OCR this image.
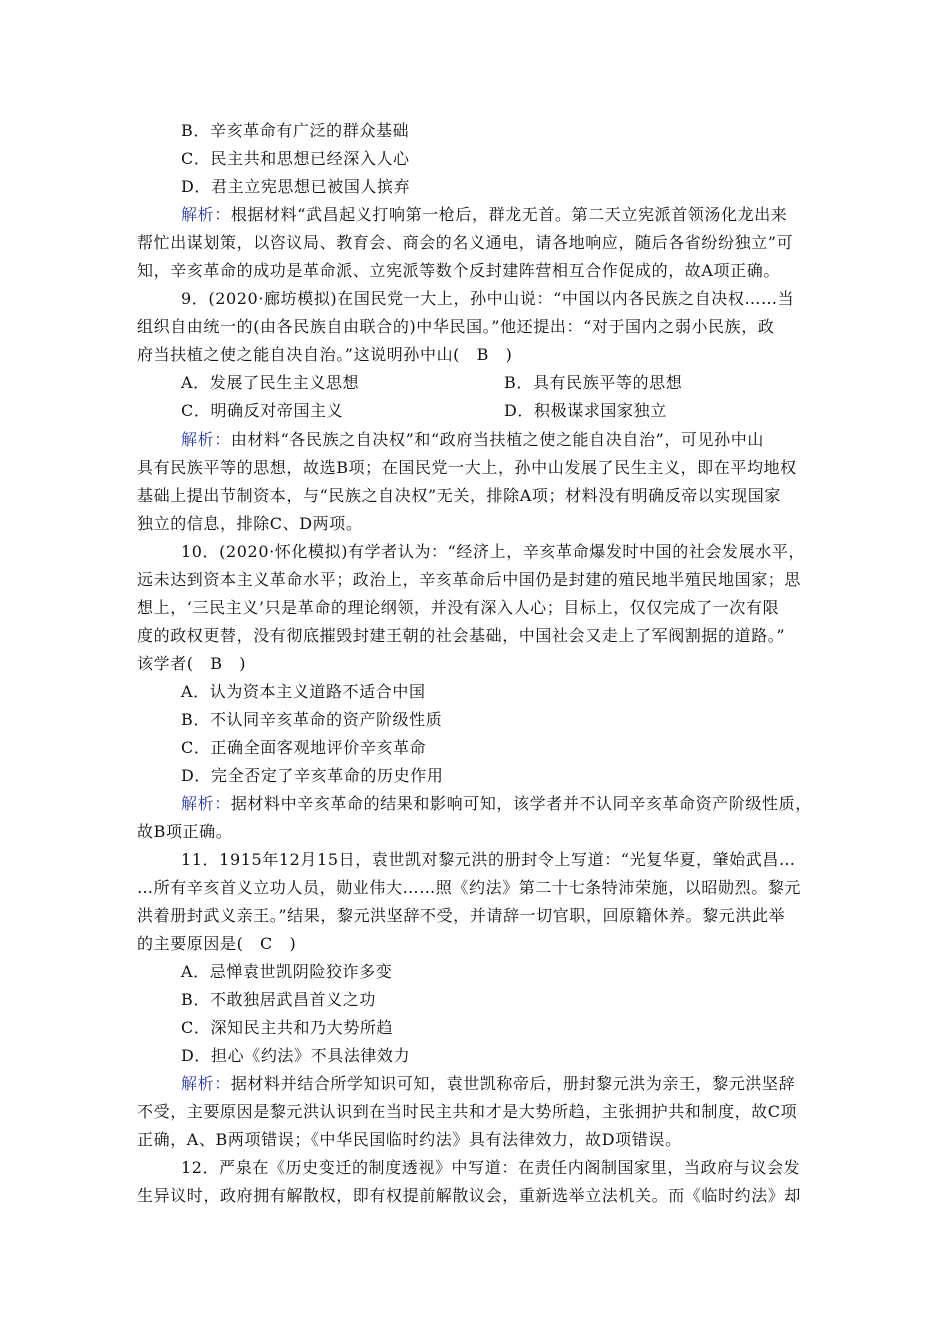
B．辛亥革命有广泛的群众基础
C．民主共和思想已经深入人心
D．君主立宪思想已被国人摈弃
解析：根据材料“武昌起义打响第一枪后，群龙无首。第二天立宪派首领汤化龙出来
帮忙出谋划策，以咨议局、教育会、商会的名义通电，请各地响应，随后各省纷纷独立”可
知，辛亥革命的成功是革命派、立宪派等数个反封建阵营相互合作促成的，故A项正确。
9．(2020·廊坊模拟)在国民党一大上，孙中山说：“中国以内各民族之自决权……当
组织自由统一的(由各民族自由联合的)中华民国。”他还提出：“对于国内之弱小民族，政
府当扶植之使之能自决自治。”这说明孙中山(　B　)
A．发展了民生主义思想	B．具有民族平等的思想
C．明确反对帝国主义	D．积极谋求国家独立
解析：由材料“各民族之自决权”和“政府当扶植之使之能自决自治”，可见孙中山
具有民族平等的思想，故选B项；在国民党一大上，孙中山发展了民生主义，即在平均地权
基础上提出节制资本，与“民族之自决权”无关，排除A项；材料没有明确反帝以实现国家
独立的信息，排除C、D两项。
10．(2020·怀化模拟)有学者认为：“经济上，辛亥革命爆发时中国的社会发展水平，
远未达到资本主义革命水平；政治上，辛亥革命后中国仍是封建的殖民地半殖民地国家；思
想上，‘三民主义’只是革命的理论纲领，并没有深入人心；目标上，仅仅完成了一次有限
度的政权更替，没有彻底摧毁封建王朝的社会基础，中国社会又走上了军阀割据的道路。”
该学者(　B　)
A．认为资本主义道路不适合中国
B．不认同辛亥革命的资产阶级性质
C．正确全面客观地评价辛亥革命
D．完全否定了辛亥革命的历史作用
解析：据材料中辛亥革命的结果和影响可知，该学者并不认同辛亥革命资产阶级性质，
故B项正确。
11．1915年12月15日，袁世凯对黎元洪的册封令上写道：“光复华夏，肇始武昌…
…所有辛亥首义立功人员，勋业伟大……照《约法》第二十七条特沛荣施，以昭勋烈。黎元
洪着册封武义亲王。”结果，黎元洪坚辞不受，并请辞一切官职，回原籍休养。黎元洪此举
的主要原因是(　C　)
A．忌惮袁世凯阴险狡诈多变
B．不敢独居武昌首义之功
C．深知民主共和乃大势所趋
D．担心《约法》不具法律效力
解析：据材料并结合所学知识可知，袁世凯称帝后，册封黎元洪为亲王，黎元洪坚辞
不受，主要原因是黎元洪认识到在当时民主共和才是大势所趋，主张拥护共和制度，故C项
正确，A、B两项错误；《中华民国临时约法》具有法律效力，故D项错误。
12．严泉在《历史变迁的制度透视》中写道：在责任内阁制国家里，当政府与议会发
生异议时，政府拥有解散权，即有权提前解散议会，重新选举立法机关。而《临时约法》却
